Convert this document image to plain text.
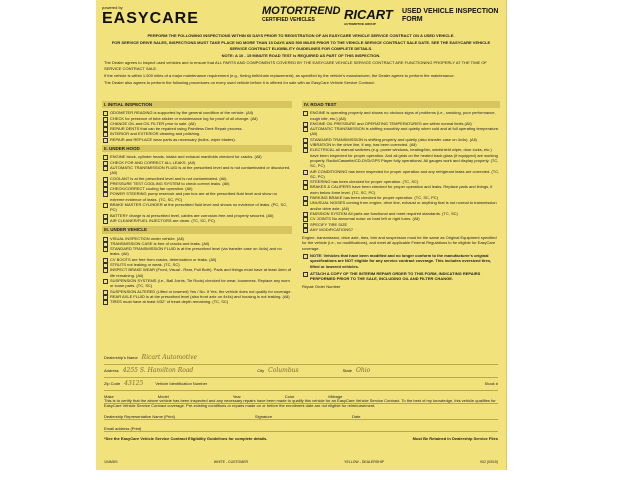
powered by
EASYCARE	MOTORTREND
CERTIFIED VEHICLES	RICART
AUTOMOTIVE GROUP
USED VEHICLE INSPECTION FORM

PERFORM THE FOLLOWING INSPECTIONS WITHIN 60 DAYS PRIOR TO REGISTRATION OF AN EASYCARE VEHICLE SERVICE CONTRACT ON A USED VEHICLE.

FOR SERVICE DRIVE SALES, INSPECTIONS MUST TAKE PLACE NO MORE THAN 15 DAYS AND 500 MILES PRIOR TO THE VEHICLE SERVICE CONTRACT SALE DATE. SEE THE EASYCARE VEHICLE SERVICE CONTRACT ELIGIBILITY GUIDELINES FOR COMPLETE DETAILS.

NOTE: A 10 - 15 MINUTE ROAD TEST is REQUIRED AS PART OF THIS INSPECTION.

The Dealer agrees to inspect used vehicles and to ensure that ALL PARTS AND COMPONENTS COVERED BY THE EASYCARE VEHICLE SERVICE CONTRACT ARE FUNCTIONING PROPERLY AT THE TIME OF SERVICE CONTRACT SALE.

If the vehicle is within 1,500 miles of a major maintenance requirement (e.g., timing belt/chain replacement), as specified by the vehicle's manufacturer, the Dealer agrees to perform the maintenance.

The Dealer also agrees to perform the following procedures on every used vehicle before it is offered for sale with an EasyCare Vehicle Service Contract:

I. INITIAL INSPECTION
ODOMETER READING is supported by the general condition of the vehicle. (All)
CHECK for presence of tube sticker or maintenance log for proof of oil change. (All)
CHANGE OIL and OIL FILTER prior to sale. (All)
REPAIR DENTS that can be repaired using Paintless Dent Repair process.
INTERIOR and EXTERIOR cleaning and polishing.
REPAIR and REPLACE wear parts as necessary (bulbs, wiper blades).
II. UNDER HOOD
ENGINE block, cylinder heads, intake and exhaust manifolds checked for cracks. (All)
CHECK FOR AND CORRECT ALL LEAKS. (All)
AUTOMATIC TRANSMISSION FLUID is at the prescribed level and is not contaminated or discolored. (All)
COOLANT is at the prescribed level and is not contaminated. (All)
PRESSURE TEST COOLING SYSTEM to check correct leaks. (All)
CHECK/CORRECT cooling fan operation. (All)
POWER STEERING pump reservoir and pan box are at the prescribed fluid level and show no extreme evidence of leaks. (TC, SC, PC)
BRAKE MASTER CYLINDER at the prescribed fluid level and shows no evidence of leaks. (PC, SC, PC)
BATTERY charge is at prescribed level, cables are corrosion-free and properly secured. (All)
AIR CLEANER/FUEL INJECTORS are clean. (TC, SC, PC)
III. UNDER VEHICLE
VISUAL INSPECTION under vehicle. (All)
TRANSMISSION CASE is free of cracks and leaks. (All)
STANDARD TRANSMISSION FLUID is at the prescribed level (via transfer case on 4x4s) and no leaks. (All)
CV BOOTS are free from cracks, deterioration or leaks. (All)
STRUTS not leaking or weak. (TC, SC)
INSPECT BRAKE WEAR (Front, Visual - Rear, Pull Both). Pads and linings must have at least 4mm of life remaining. (All)
SUSPENSION SYSTEMS (i.e., Ball Joints, Tie Rods) checked for wear, looseness. Replace any worn or loose parts. (TC, SC)
SUSPENSION ALTERED (Lifted or lowered) Yes / No. If Yes, the vehicle does not qualify for coverage.
REAR AXLE FLUID is at the prescribed level (also front axle on 4x4s) and housing is not leaking. (All)
TIRES must have at least 4/32" of tread depth remaining. (TC, SC)
IV. ROAD TEST
ENGINE is operating properly and shows no obvious signs of problems (i.e., smoking, poor performance, rough idle, etc.) (All)
ENGINE OIL PRESSURE and OPERATING TEMPERATURES are within normal limits (All)
AUTOMATIC TRANSMISSION is shifting smoothly and quietly when cold and at full operating temperature. (All)
STANDARD TRANSMISSION is shifting properly and quietly (also transfer case on 4x4s). (All)
VIBRATION in the drive line, if any, has been corrected. (All)
ELECTRICAL all manual switches (e.g. power windows, heating/fan, windshield wiper, door locks, etc.) have been inspected for proper operation. And all grids on the heated back glass (if equipped) are working properly. Radio/Cassette/CD-DVD/GPS Player fully operational. All gauges work and display properly. (TC, SC, PC)
AIR CONDITIONING has been inspected for proper operation and any refrigerant leaks are corrected. (TC, SC, PC)
STEERING has been checked for proper operation. (TC, SC)
BRAKES & CALIPERS have been checked for proper operation and leaks. Replace pads and linings, if worn below 4mm level. (TC, SC, PC)
PARKING BRAKE has been checked for proper operation. (TC, SC, PC)
UNUSUAL NOISES coming from engine, drive line, exhaust or anything that is not normal to transmission and/or drive axle. (All)
EMISSION SYSTEM All parts are functional and meet required standards. (TC, SC)
CV JOINTS No abnormal noise on hard left or right turns. (All)
SPECIFY TIRE SIZE
ANY MODIFICATIONS?
Engine, transmission, drive axle, tires, trim and suspension must be the same as Original Equipment specified for the vehicle (i.e., no modifications), and meet all applicable Federal Regulations to be eligible for EasyCare coverage.
NOTE: Vehicles that have been modified and no longer conform to the manufacturer's original specifications are NOT eligible for any service contract coverage. This includes oversized tires, lifted or lowered vehicles.
ATTACH A COPY OF THE INTERIM REPAIR ORDER TO THIS FORM, INDICATING REPAIRS PERFORMED PRIOR TO THE SALE, INCLUDING OIL AND FILTER CHANGE.
Repair Order Number
Dealership's Name Ricart Automotive
Address 4255 S. Hamilton Road	City Columbus	State Ohio
Zip Code 43125	Vehicle Identification Number	Stock #
Make	Model	Year	Color	Mileage
This is to certify that the above vehicle has been inspected and any necessary repairs have been made to qualify this vehicle for an EasyCare Vehicle Service Contract. To the best of my knowledge, this vehicle qualifies for EasyCare Vehicle Service Contract coverage. Pre-existing conditions or repairs made on or before the enrollment date are not eligible for reimbursement.
Dealership Representative Name (Print)	Signature	Date
Email address (Print)
*See the EasyCare Vehicle Service Contract Eligibility Guidelines for complete details.	Must Be Retained in Dealership Service Files
104MDS	WHITE - CUSTOMER	YELLOW - DEALERSHIP	002 (03/15)
